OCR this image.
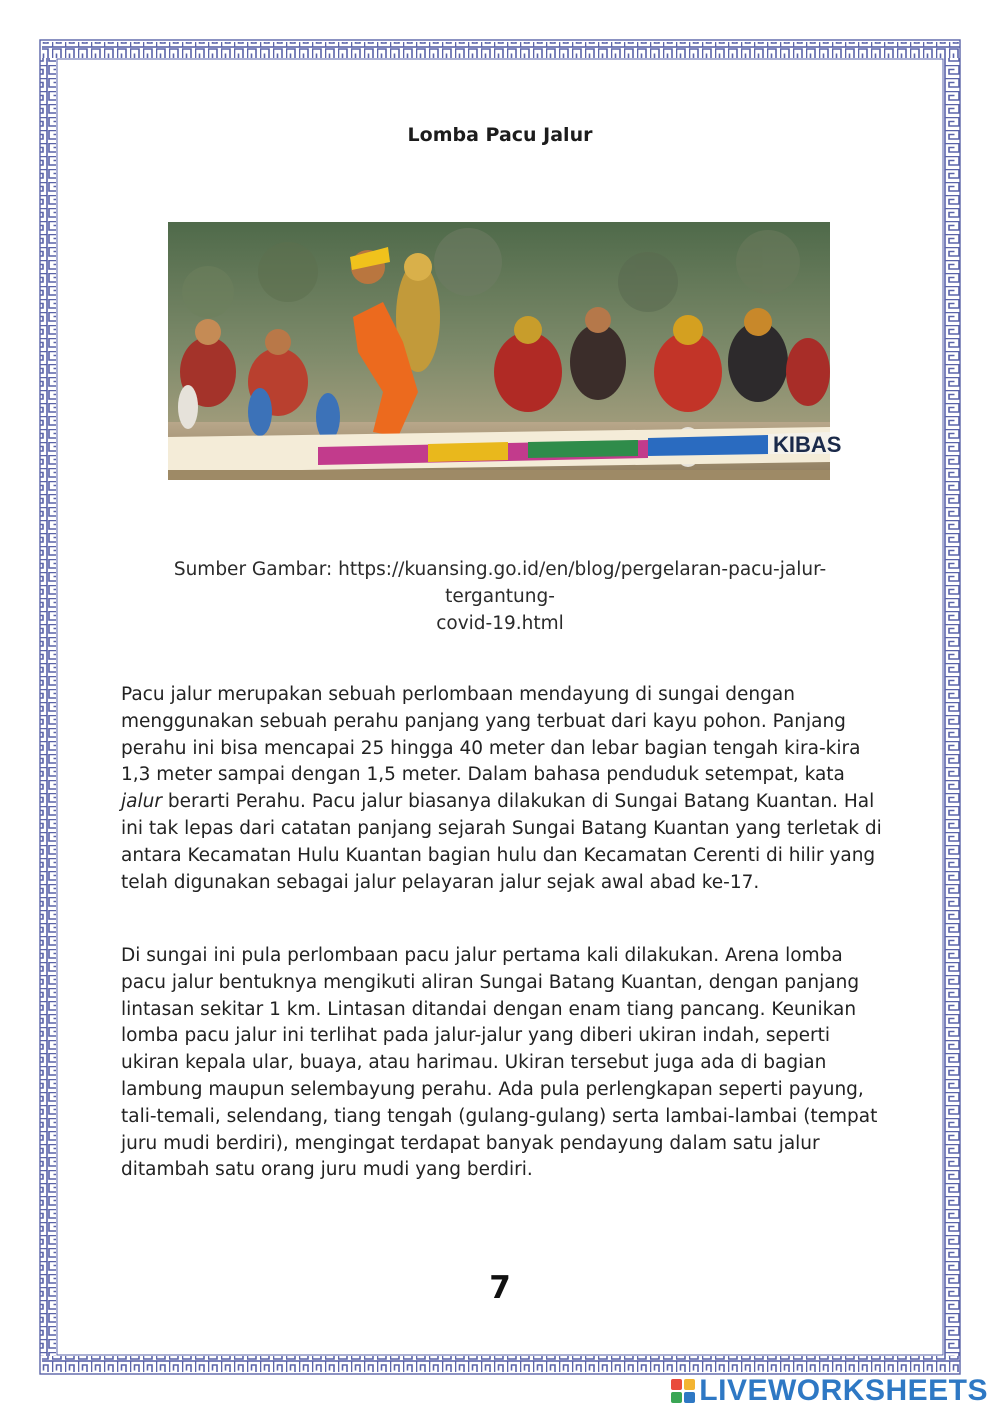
Lomba Pacu Jalur
KIBAS
Sumber Gambar: https://kuansing.go.id/en/blog/pergelaran-pacu-jalur-tergantung-
covid-19.html

Pacu jalur merupakan sebuah perlombaan mendayung di sungai dengan menggunakan sebuah perahu panjang yang terbuat dari kayu pohon. Panjang perahu ini bisa mencapai 25 hingga 40 meter dan lebar bagian tengah kira-kira 1,3 meter sampai dengan 1,5 meter. Dalam bahasa penduduk setempat, kata jalur berarti Perahu. Pacu jalur biasanya dilakukan di Sungai Batang Kuantan. Hal ini tak lepas dari catatan panjang sejarah Sungai Batang Kuantan yang terletak di antara Kecamatan Hulu Kuantan bagian hulu dan Kecamatan Cerenti di hilir yang telah digunakan sebagai jalur pelayaran jalur sejak awal abad ke-17.

Di sungai ini pula perlombaan pacu jalur pertama kali dilakukan. Arena lomba pacu jalur bentuknya mengikuti aliran Sungai Batang Kuantan, dengan panjang lintasan sekitar 1 km. Lintasan ditandai dengan enam tiang pancang. Keunikan lomba pacu jalur ini terlihat pada jalur-jalur yang diberi ukiran indah, seperti ukiran kepala ular, buaya, atau harimau. Ukiran tersebut juga ada di bagian lambung maupun selembayung perahu. Ada pula perlengkapan seperti payung, tali-temali, selendang, tiang tengah (gulang-gulang) serta lambai-lambai (tempat juru mudi berdiri), mengingat terdapat banyak pendayung dalam satu jalur ditambah satu orang juru mudi yang berdiri.

7
LIVEWORKSHEETS
